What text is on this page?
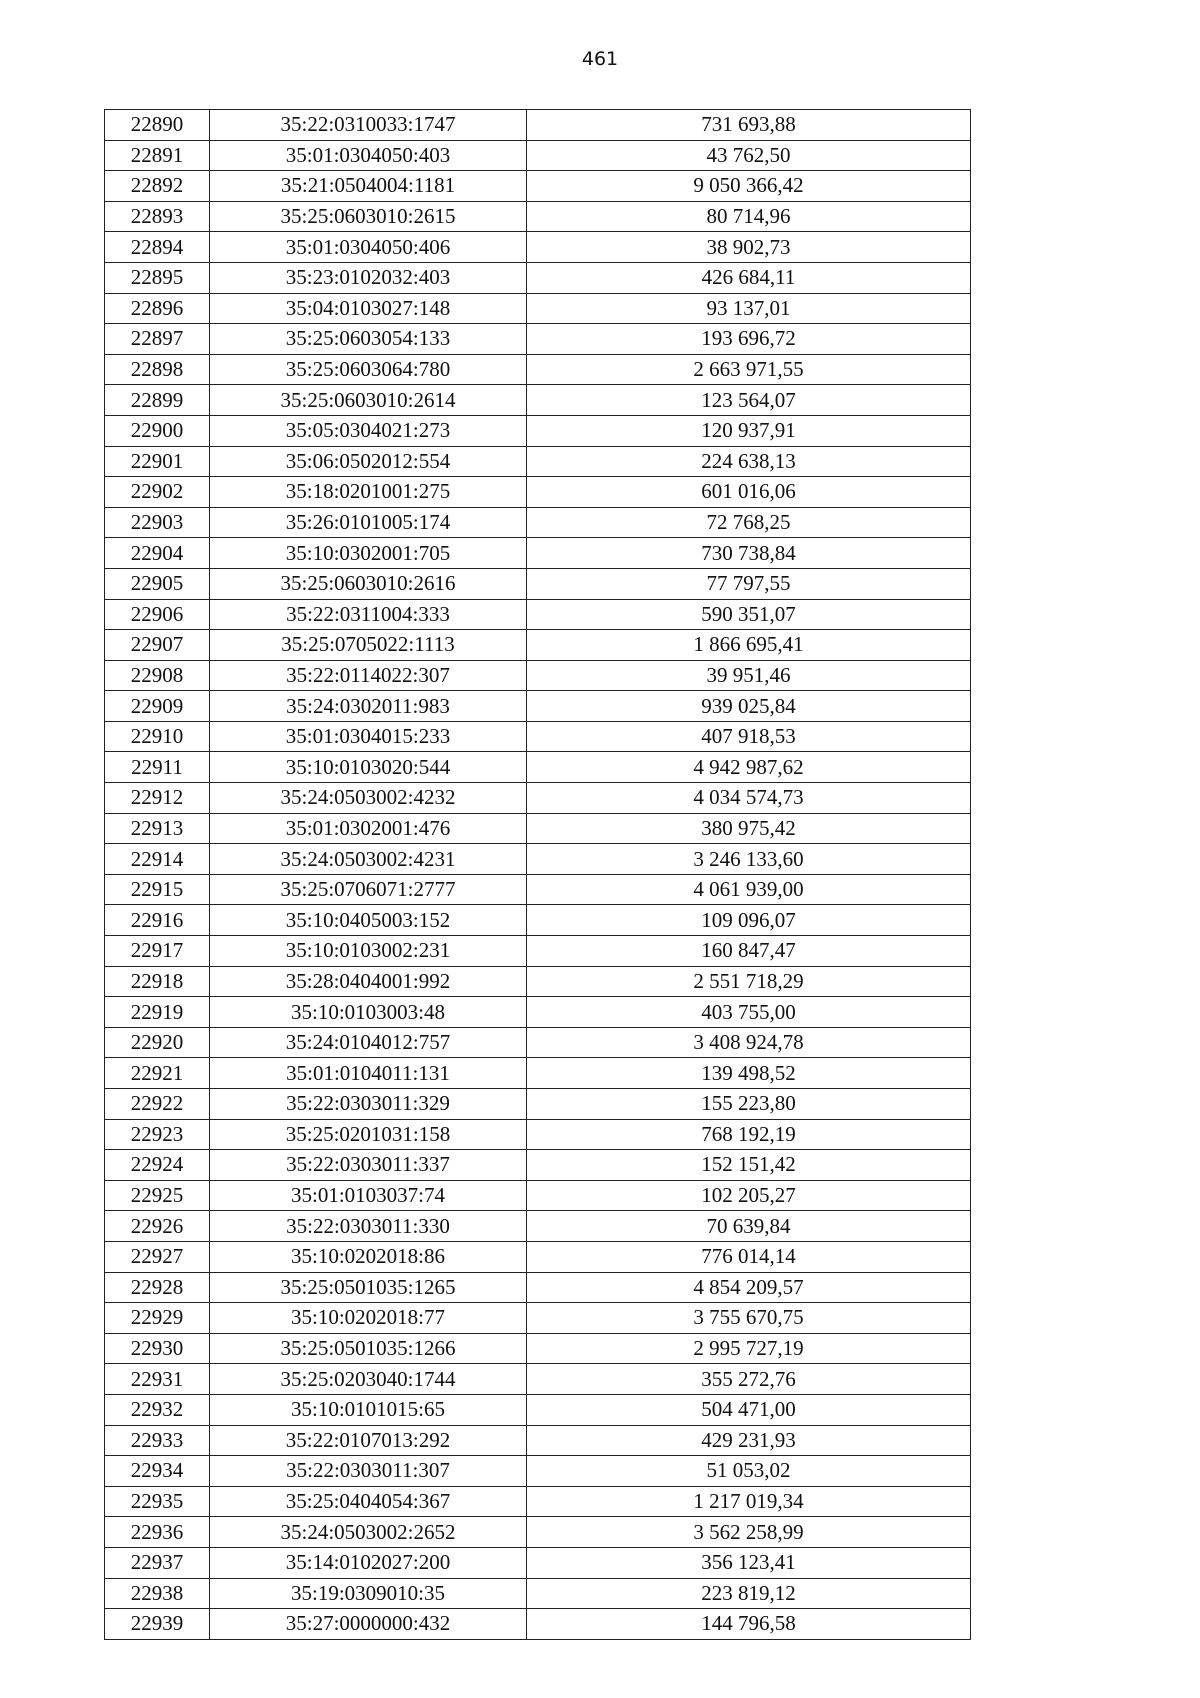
461
22890	35:22:0310033:1747	731 693,88
22891	35:01:0304050:403	43 762,50
22892	35:21:0504004:1181	9 050 366,42
22893	35:25:0603010:2615	80 714,96
22894	35:01:0304050:406	38 902,73
22895	35:23:0102032:403	426 684,11
22896	35:04:0103027:148	93 137,01
22897	35:25:0603054:133	193 696,72
22898	35:25:0603064:780	2 663 971,55
22899	35:25:0603010:2614	123 564,07
22900	35:05:0304021:273	120 937,91
22901	35:06:0502012:554	224 638,13
22902	35:18:0201001:275	601 016,06
22903	35:26:0101005:174	72 768,25
22904	35:10:0302001:705	730 738,84
22905	35:25:0603010:2616	77 797,55
22906	35:22:0311004:333	590 351,07
22907	35:25:0705022:1113	1 866 695,41
22908	35:22:0114022:307	39 951,46
22909	35:24:0302011:983	939 025,84
22910	35:01:0304015:233	407 918,53
22911	35:10:0103020:544	4 942 987,62
22912	35:24:0503002:4232	4 034 574,73
22913	35:01:0302001:476	380 975,42
22914	35:24:0503002:4231	3 246 133,60
22915	35:25:0706071:2777	4 061 939,00
22916	35:10:0405003:152	109 096,07
22917	35:10:0103002:231	160 847,47
22918	35:28:0404001:992	2 551 718,29
22919	35:10:0103003:48	403 755,00
22920	35:24:0104012:757	3 408 924,78
22921	35:01:0104011:131	139 498,52
22922	35:22:0303011:329	155 223,80
22923	35:25:0201031:158	768 192,19
22924	35:22:0303011:337	152 151,42
22925	35:01:0103037:74	102 205,27
22926	35:22:0303011:330	70 639,84
22927	35:10:0202018:86	776 014,14
22928	35:25:0501035:1265	4 854 209,57
22929	35:10:0202018:77	3 755 670,75
22930	35:25:0501035:1266	2 995 727,19
22931	35:25:0203040:1744	355 272,76
22932	35:10:0101015:65	504 471,00
22933	35:22:0107013:292	429 231,93
22934	35:22:0303011:307	51 053,02
22935	35:25:0404054:367	1 217 019,34
22936	35:24:0503002:2652	3 562 258,99
22937	35:14:0102027:200	356 123,41
22938	35:19:0309010:35	223 819,12
22939	35:27:0000000:432	144 796,58
